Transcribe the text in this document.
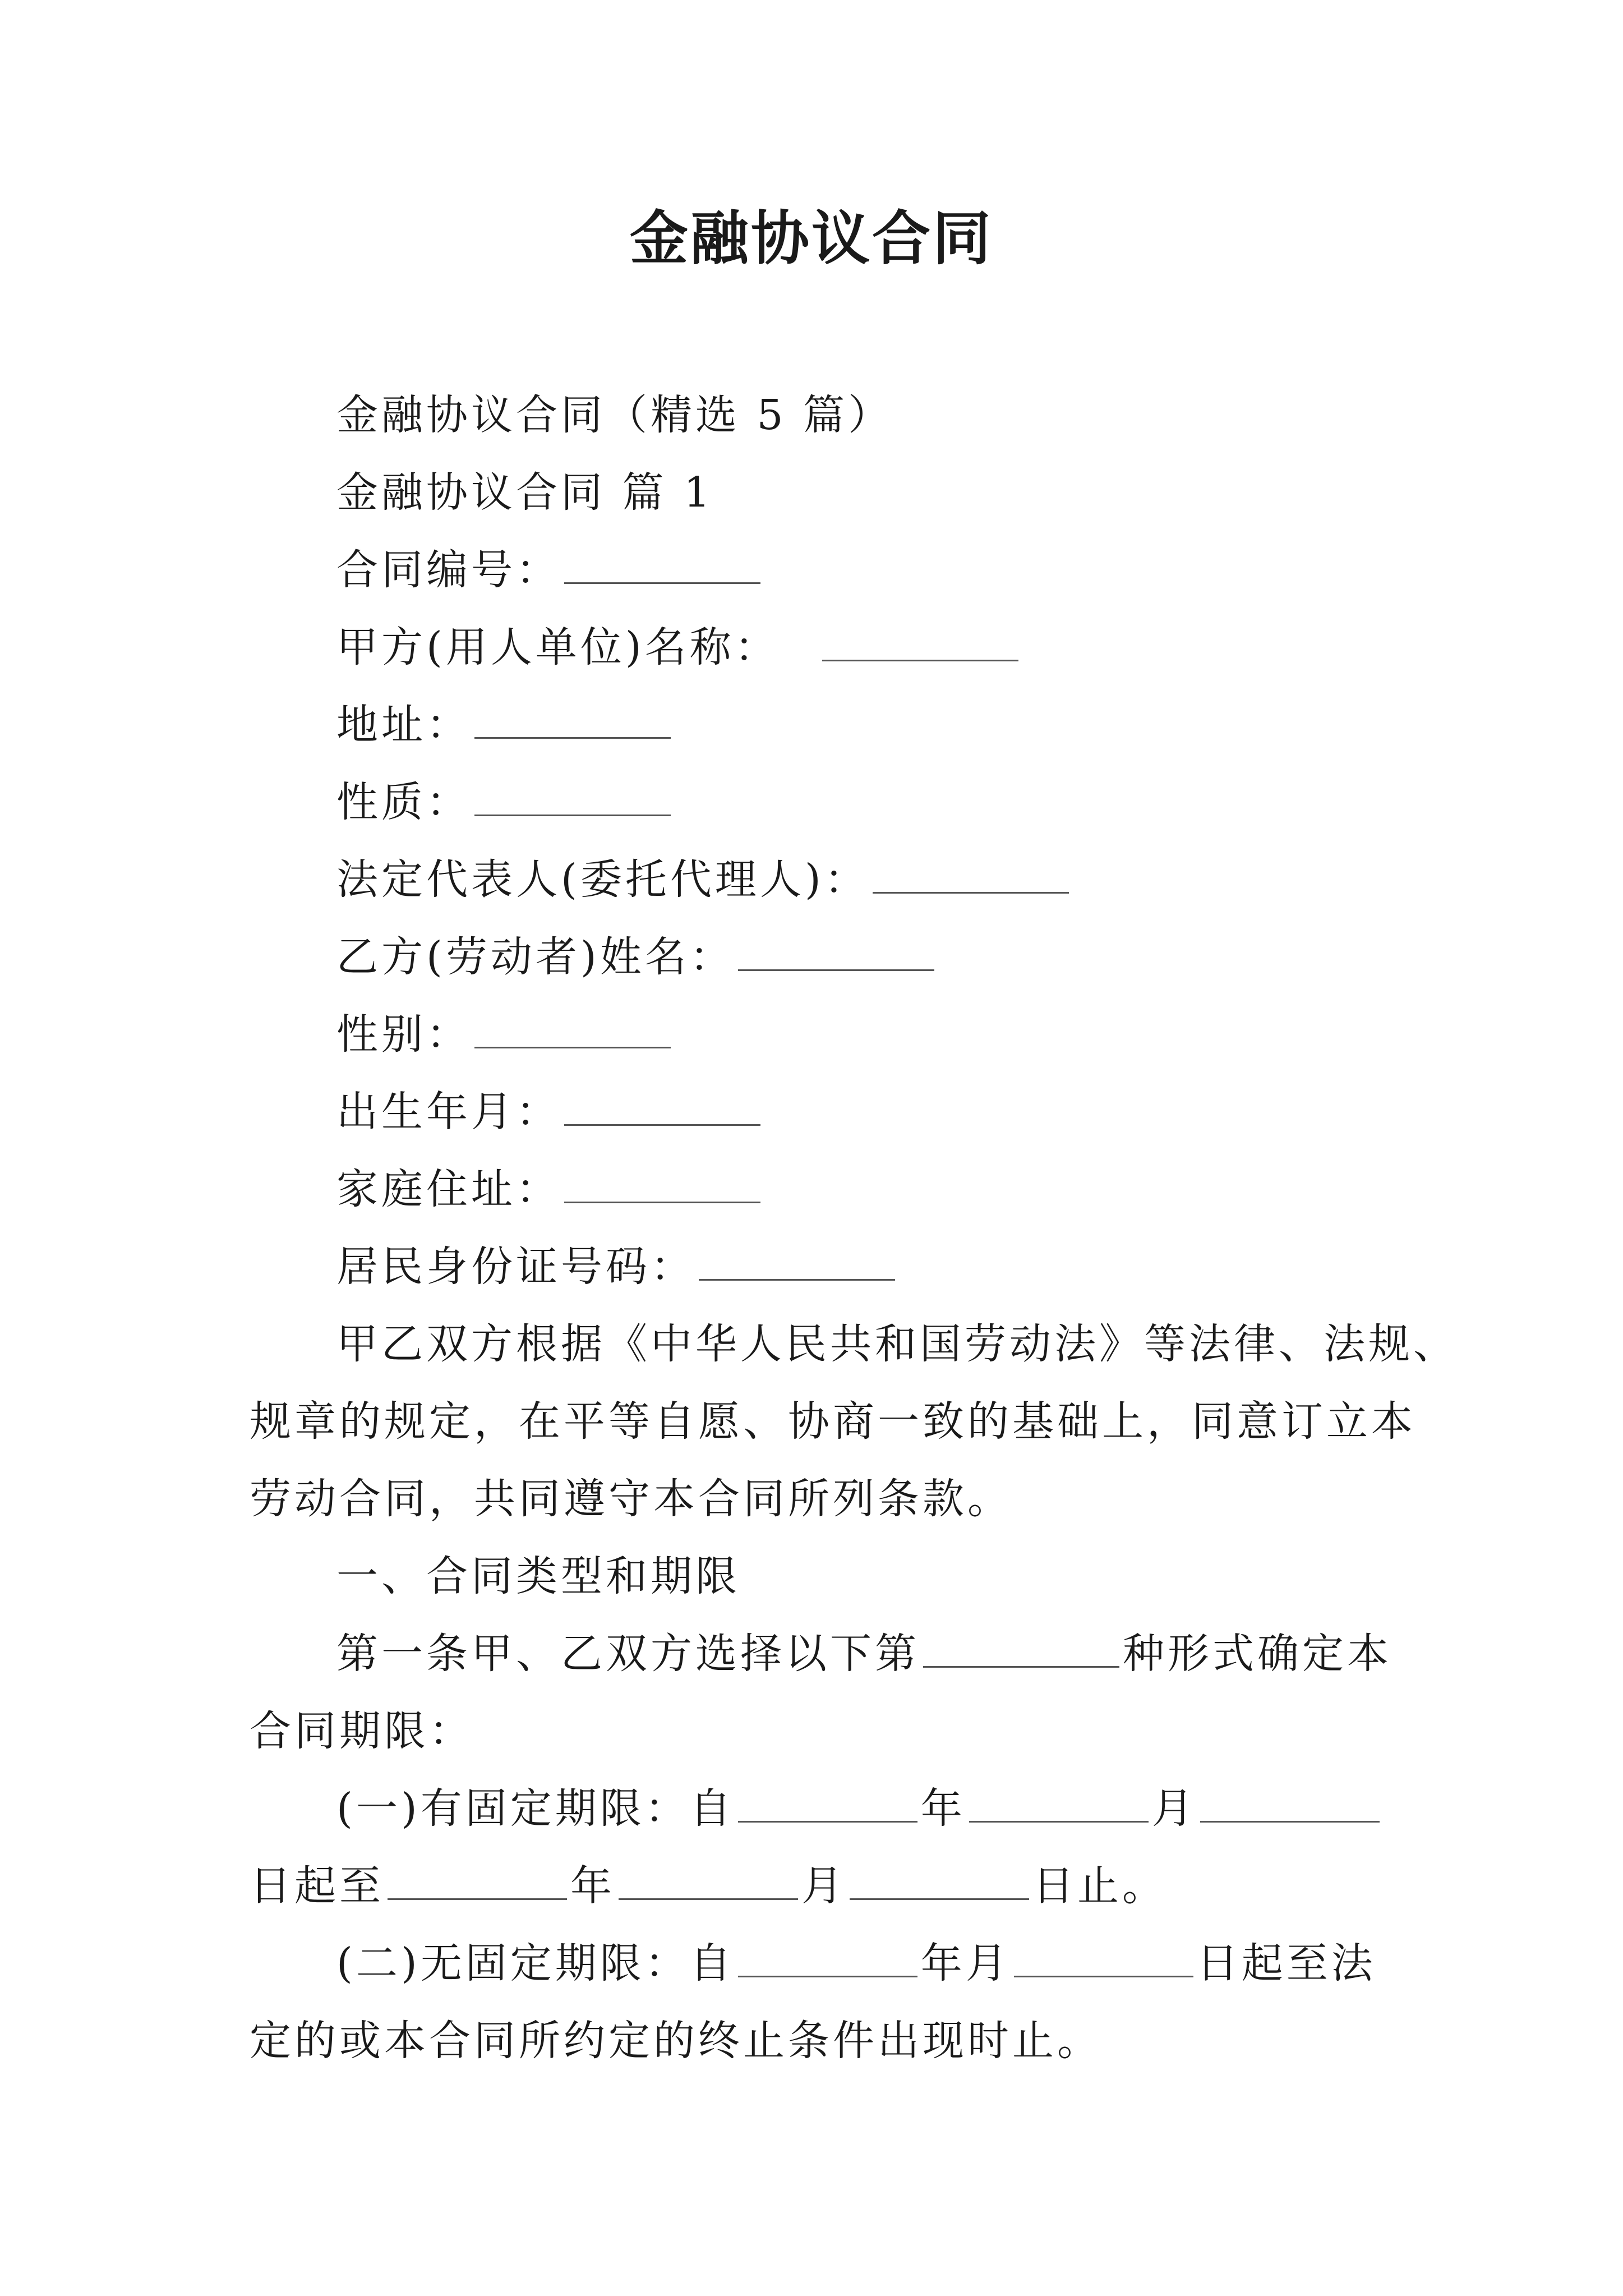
金融协议合同
金融协议合同（精选 5 篇）
金融协议合同 篇 1
合同编号：
甲方(用人单位)名称：
地址：
性质：
法定代表人(委托代理人)：
乙方(劳动者)姓名：
性别：
出生年月：
家庭住址：
居民身份证号码：
甲乙双方根据《中华人民共和国劳动法》等法律、法规、
规章的规定，在平等自愿、协商一致的基础上，同意订立本
劳动合同，共同遵守本合同所列条款。
一、合同类型和期限
第一条甲、乙双方选择以下第	种形式确定本
合同期限：
(一)有固定期限：自	年	月
日起至	年	月	日止。
(二)无固定期限：自	年月	日起至法
定的或本合同所约定的终止条件出现时止。
